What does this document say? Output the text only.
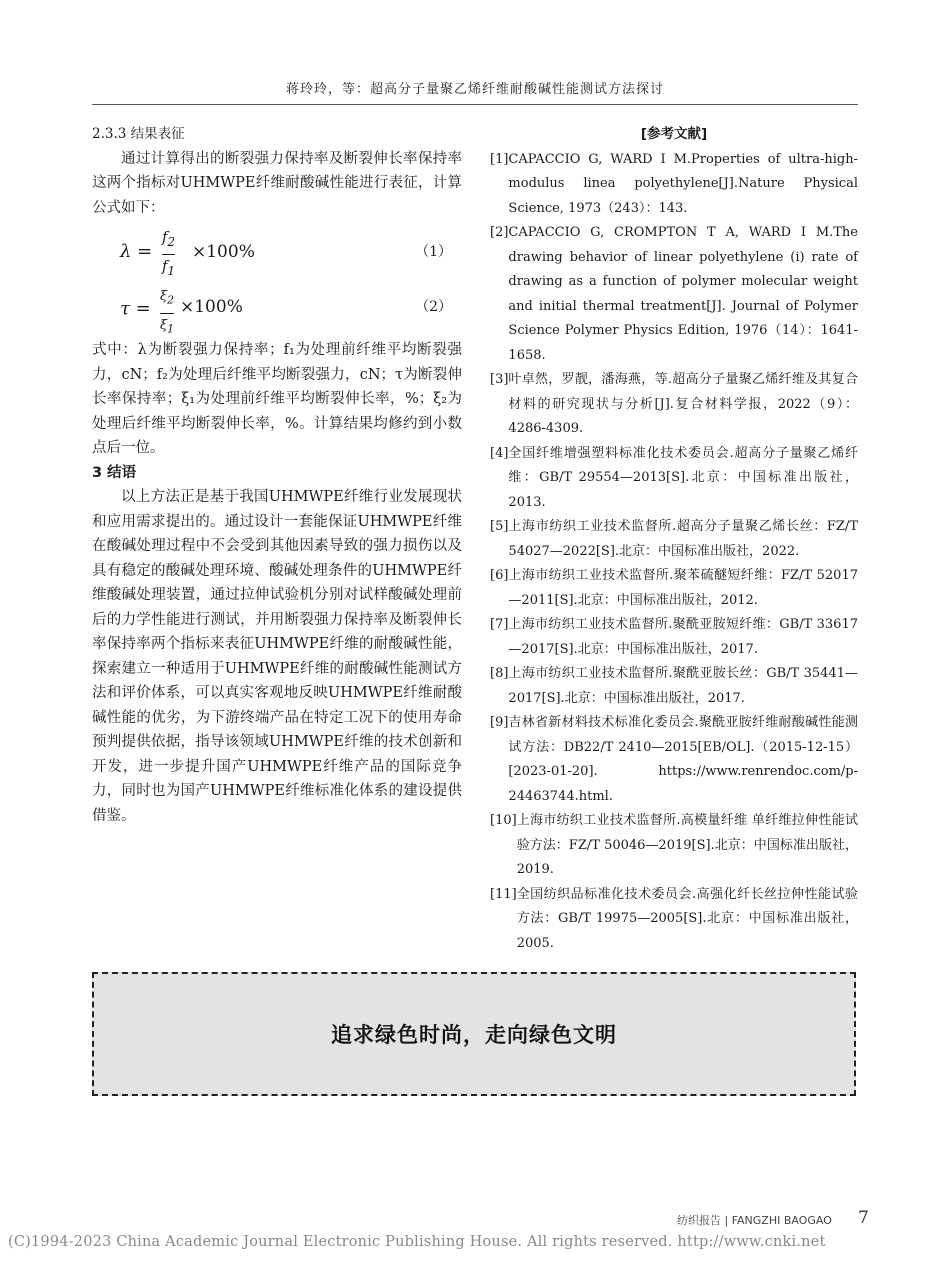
蒋玲玲，等：超高分子量聚乙烯纤维耐酸碱性能测试方法探讨

2.3.3 结果表征

通过计算得出的断裂强力保持率及断裂伸长率保持率这两个指标对UHMWPE纤维耐酸碱性能进行表征，计算公式如下：

λ =
$f_2$
$f_1$
×100%	（1）
τ =
$\xi_2$
$\xi_1$
×100%	（2）

式中：λ为断裂强力保持率；f₁为处理前纤维平均断裂强力，cN；f₂为处理后纤维平均断裂强力，cN；τ为断裂伸长率保持率；ξ₁为处理前纤维平均断裂伸长率，%；ξ₂为处理后纤维平均断裂伸长率，%。计算结果均修约到小数点后一位。

3 结语

以上方法正是基于我国UHMWPE纤维行业发展现状和应用需求提出的。通过设计一套能保证UHMWPE纤维在酸碱处理过程中不会受到其他因素导致的强力损伤以及具有稳定的酸碱处理环境、酸碱处理条件的UHMWPE纤维酸碱处理装置，通过拉伸试验机分别对试样酸碱处理前后的力学性能进行测试，并用断裂强力保持率及断裂伸长率保持率两个指标来表征UHMWPE纤维的耐酸碱性能，探索建立一种适用于UHMWPE纤维的耐酸碱性能测试方法和评价体系，可以真实客观地反映UHMWPE纤维耐酸碱性能的优劣，为下游终端产品在特定工况下的使用寿命预判提供依据，指导该领域UHMWPE纤维的技术创新和开发，进一步提升国产UHMWPE纤维产品的国际竞争力，同时也为国产UHMWPE纤维标准化体系的建设提供借鉴。

[参考文献]
[1] CAPACCIO G, WARD I M.Properties of ultra-high-modulus linea polyethylene[J].Nature Physical Science, 1973（243）：143.
[2] CAPACCIO G, CROMPTON T A, WARD I M.The drawing behavior of linear polyethylene (i) rate of drawing as a function of polymer molecular weight and initial thermal treatment[J]. Journal of Polymer Science Polymer Physics Edition, 1976（14）：1641-1658.
[3] 叶卓然，罗靓，潘海燕，等.超高分子量聚乙烯纤维及其复合材料的研究现状与分析[J].复合材料学报，2022（9）：4286-4309.
[4] 全国纤维增强塑料标准化技术委员会.超高分子量聚乙烯纤维：GB/T 29554—2013[S].北京：中国标准出版社，2013.
[5] 上海市纺织工业技术监督所.超高分子量聚乙烯长丝：FZ/T 54027—2022[S].北京：中国标准出版社，2022.
[6] 上海市纺织工业技术监督所.聚苯硫醚短纤维：FZ/T 52017—2011[S].北京：中国标准出版社，2012.
[7] 上海市纺织工业技术监督所.聚酰亚胺短纤维：GB/T 33617—2017[S].北京：中国标准出版社，2017.
[8] 上海市纺织工业技术监督所.聚酰亚胺长丝：GB/T 35441—2017[S].北京：中国标准出版社，2017.
[9] 吉林省新材料技术标准化委员会.聚酰亚胺纤维耐酸碱性能测试方法：DB22/T 2410—2015[EB/OL].（2015-12-15）[2023-01-20]. https://www.renrendoc.com/p-24463744.html.
[10] 上海市纺织工业技术监督所.高模量纤维 单纤维拉伸性能试验方法：FZ/T 50046—2019[S].北京：中国标准出版社，2019.
[11] 全国纺织品标准化技术委员会.高强化纤长丝拉伸性能试验方法：GB/T 19975—2005[S].北京：中国标准出版社，2005.
追求绿色时尚，走向绿色文明
纺织报告 | FANGZHI BAOGAO 7
(C)1994-2023 China Academic Journal Electronic Publishing House. All rights reserved. http://www.cnki.net
